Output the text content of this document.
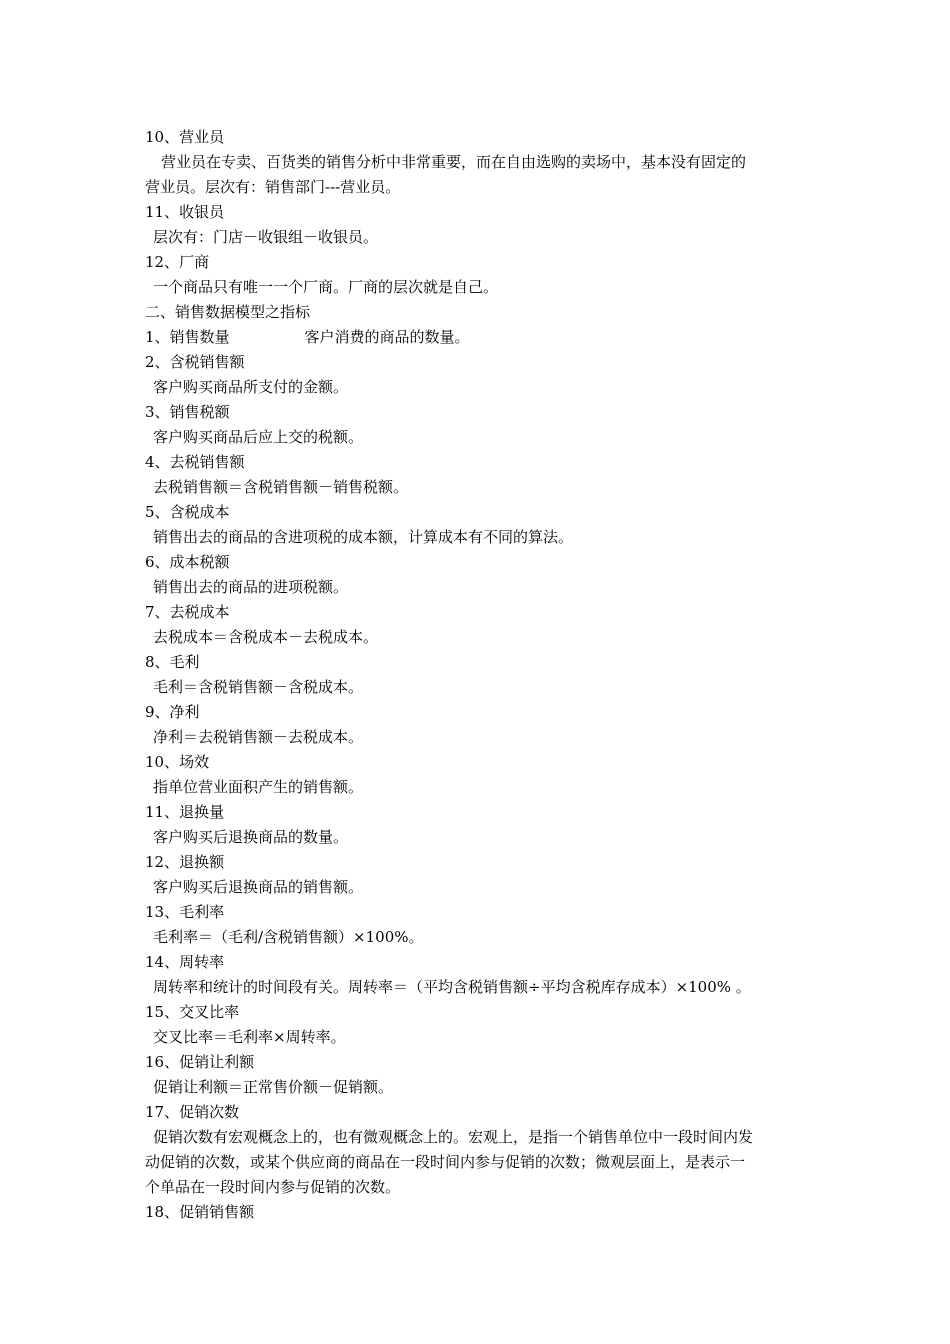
10、营业员

营业员在专卖、百货类的销售分析中非常重要，而在自由选购的卖场中，基本没有固定的

营业员。层次有：销售部门---营业员。

11、收银员

层次有：门店－收银组－收银员。

12、厂商

一个商品只有唯一一个厂商。厂商的层次就是自己。

二、销售数据模型之指标

1、销售数量	客户消费的商品的数量。

2、含税销售额

客户购买商品所支付的金额。

3、销售税额

客户购买商品后应上交的税额。

4、去税销售额

去税销售额＝含税销售额－销售税额。

5、含税成本

销售出去的商品的含进项税的成本额，计算成本有不同的算法。

6、成本税额

销售出去的商品的进项税额。

7、去税成本

去税成本＝含税成本－去税成本。

8、毛利

毛利＝含税销售额－含税成本。

9、净利

净利＝去税销售额－去税成本。

10、场效

指单位营业面积产生的销售额。

11、退换量

客户购买后退换商品的数量。

12、退换额

客户购买后退换商品的销售额。

13、毛利率

毛利率＝（毛利/含税销售额）×100%。

14、周转率

周转率和统计的时间段有关。周转率＝（平均含税销售额÷平均含税库存成本）×100% 。

15、交叉比率

交叉比率＝毛利率×周转率。

16、促销让利额

促销让利额＝正常售价额－促销额。

17、促销次数

促销次数有宏观概念上的，也有微观概念上的。宏观上，是指一个销售单位中一段时间内发

动促销的次数，或某个供应商的商品在一段时间内参与促销的次数；微观层面上，是表示一

个单品在一段时间内参与促销的次数。

18、促销销售额
